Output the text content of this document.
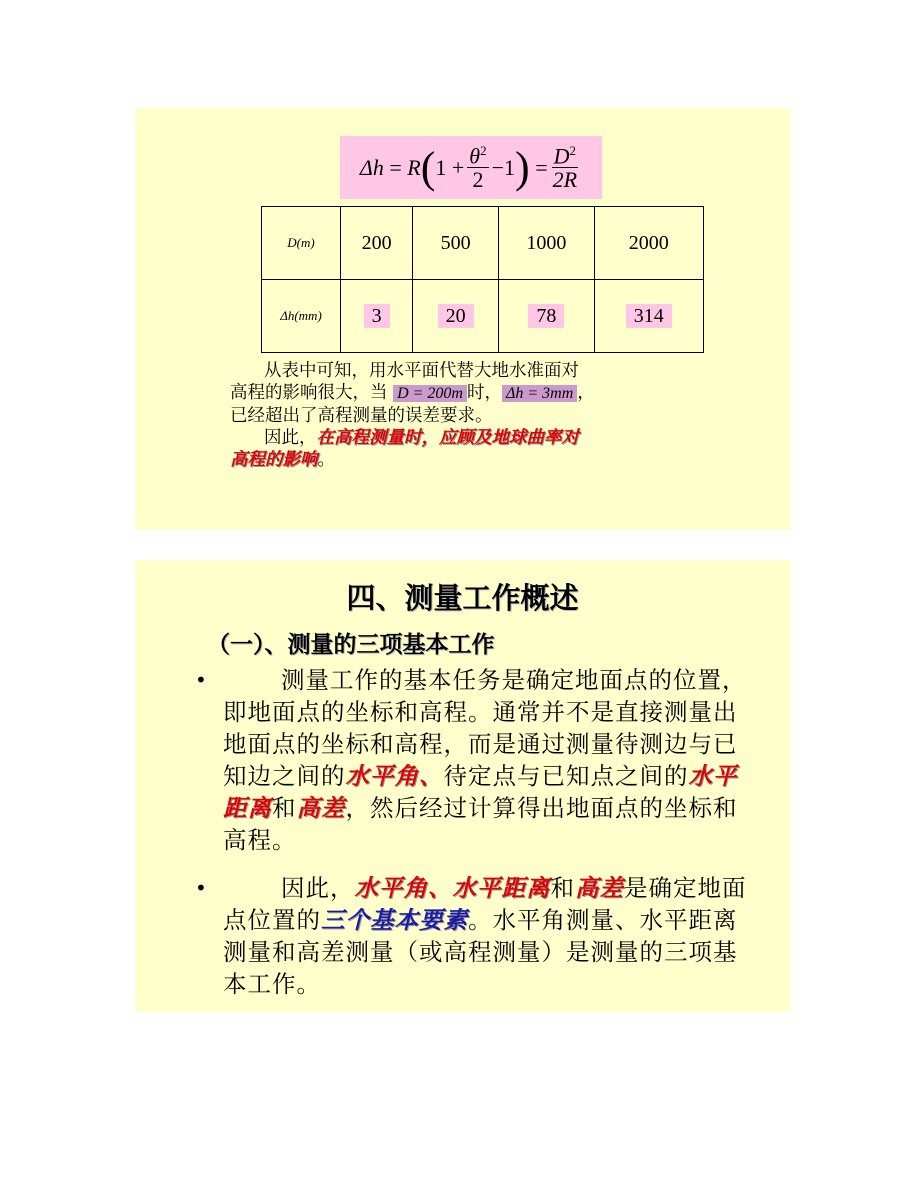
Δh
=
R ( 1
+ $\frac{\theta^2}{2} -1$ )
= $\frac{D^2}{2R}$
D(m)	200	500	1000	2000
Δh(mm)	3	20	78	314
从表中可知，用水平面代替大地水准面对
高程的影响很大，当 D = 200m 时， Δh = 3mm ，
已经超出了高程测量的误差要求。
因此，在高程测量时，应顾及地球曲率对
高程的影响。
四、测量工作概述
（一）、测量的三项基本工作
•	测量工作的基本任务是确定地面点的位置，即地面点的坐标和高程。通常并不是直接测量出地面点的坐标和高程，而是通过测量待测边与已知边之间的水平角、待定点与已知点之间的水平距离和高差，然后经过计算得出地面点的坐标和高程。
•	因此，水平角、水平距离和高差是确定地面点位置的三个基本要素。水平角测量、水平距离测量和高差测量（或高程测量）是测量的三项基本工作。
